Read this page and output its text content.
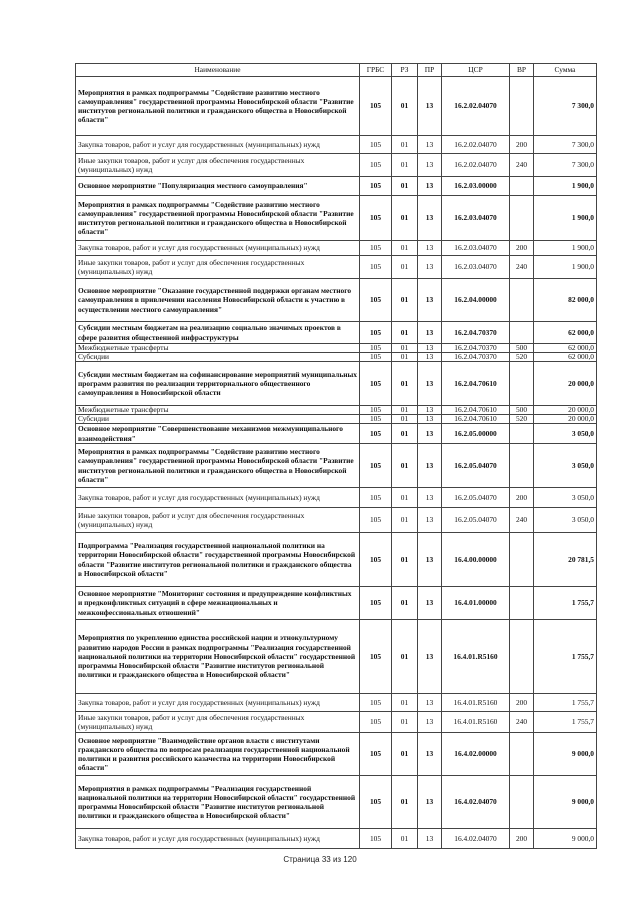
Наименование	ГРБС	РЗ	ПР	ЦСР	ВР	Сумма
Мероприятия в рамках подпрограммы "Содействие развитию местного самоуправления" государственной программы Новосибирской области "Развитие институтов региональной политики и гражданского общества в Новосибирской области"	105	01	13	16.2.02.04070		7 300,0
Закупка товаров, работ и услуг для государственных (муниципальных) нужд	105	01	13	16.2.02.04070	200	7 300,0
Иные закупки товаров, работ и услуг для обеспечения государственных (муниципальных) нужд	105	01	13	16.2.02.04070	240	7 300,0
Основное мероприятие "Популяризация местного самоуправления"	105	01	13	16.2.03.00000		1 900,0
Мероприятия в рамках подпрограммы "Содействие развитию местного самоуправления" государственной программы Новосибирской области "Развитие институтов региональной политики и гражданского общества в Новосибирской области"	105	01	13	16.2.03.04070		1 900,0
Закупка товаров, работ и услуг для государственных (муниципальных) нужд	105	01	13	16.2.03.04070	200	1 900,0
Иные закупки товаров, работ и услуг для обеспечения государственных (муниципальных) нужд	105	01	13	16.2.03.04070	240	1 900,0
Основное мероприятие "Оказание государственной поддержки органам местного самоуправления в привлечении населения Новосибирской области к участию в осуществлении местного самоуправления"	105	01	13	16.2.04.00000		82 000,0
Субсидии местным бюджетам на реализацию социально значимых проектов в сфере развития общественной инфраструктуры	105	01	13	16.2.04.70370		62 000,0
Межбюджетные трансферты	105	01	13	16.2.04.70370	500	62 000,0
Субсидии	105	01	13	16.2.04.70370	520	62 000,0
Субсидии местным бюджетам на софинансирование мероприятий муниципальных программ развития по реализации территориального общественного самоуправления в Новосибирской области	105	01	13	16.2.04.70610		20 000,0
Межбюджетные трансферты	105	01	13	16.2.04.70610	500	20 000,0
Субсидии	105	01	13	16.2.04.70610	520	20 000,0
Основное мероприятие "Совершенствование механизмов межмуниципального взаимодействия"	105	01	13	16.2.05.00000		3 050,0
Мероприятия в рамках подпрограммы "Содействие развитию местного самоуправления" государственной программы Новосибирской области "Развитие институтов региональной политики и гражданского общества в Новосибирской области"	105	01	13	16.2.05.04070		3 050,0
Закупка товаров, работ и услуг для государственных (муниципальных) нужд	105	01	13	16.2.05.04070	200	3 050,0
Иные закупки товаров, работ и услуг для обеспечения государственных (муниципальных) нужд	105	01	13	16.2.05.04070	240	3 050,0
Подпрограмма "Реализация государственной национальной политики на территории Новосибирской области" государственной программы Новосибирской области "Развитие институтов региональной политики и гражданского общества в Новосибирской области"	105	01	13	16.4.00.00000		20 781,5
Основное мероприятие "Мониторинг состояния и предупреждение конфликтных и предконфликтных ситуаций в сфере межнациональных и межконфессиональных отношений"	105	01	13	16.4.01.00000		1 755,7
Мероприятия по укреплению единства российской нации и этнокультурному развитию народов России в рамках подпрограммы "Реализация государственной национальной политики на территории Новосибирской области" государственной программы Новосибирской области "Развитие институтов региональной политики и гражданского общества в Новосибирской области"	105	01	13	16.4.01.R5160		1 755,7
Закупка товаров, работ и услуг для государственных (муниципальных) нужд	105	01	13	16.4.01.R5160	200	1 755,7
Иные закупки товаров, работ и услуг для обеспечения государственных (муниципальных) нужд	105	01	13	16.4.01.R5160	240	1 755,7
Основное мероприятие "Взаимодействие органов власти с институтами гражданского общества по вопросам реализации государственной национальной политики и развития российского казачества на территории Новосибирской области"	105	01	13	16.4.02.00000		9 000,0
Мероприятия в рамках подпрограммы "Реализация государственной национальной политики на территории Новосибирской области" государственной программы Новосибирской области "Развитие институтов региональной политики и гражданского общества в Новосибирской области"	105	01	13	16.4.02.04070		9 000,0
Закупка товаров, работ и услуг для государственных (муниципальных) нужд	105	01	13	16.4.02.04070	200	9 000,0
Страница 33 из 120
